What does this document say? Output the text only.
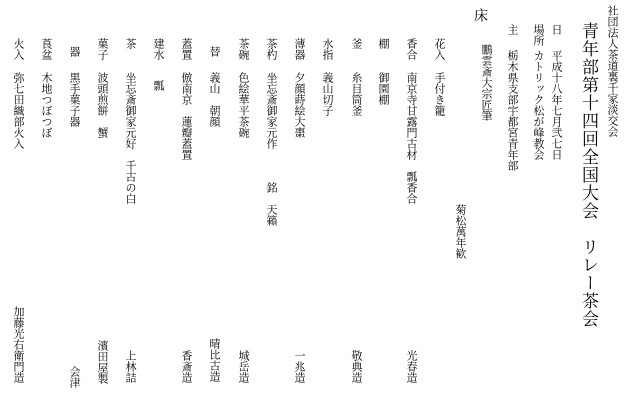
社団法人茶道裏千家淡交会
青年部第十四回全国大会　リレー茶会
日
平成十八年七月弐七日
場所
カトリック松が峰教会
主
栃木県支部宇都宮青年部
床
鵬雲斎大宗匠筆
菊松萬年歓
花入
手付き籠
香合
南京寺甘露門古材　瓢香合
光春造
棚
御園棚
釜
糸目筒釜
敬典造
水指
義山切子
薄器
夕顔蒔絵大棗
一兆造
茶杓
坐忘斎御家元作　　　銘　天籟
茶碗
色絵華平茶碗
城岳造
替
義山　朝顔
晴比古造
蓋置
倣南京　蓮瓣蓋置
香斎造
建水
瓢
茶
坐忘斎御家元好　千古の白
上林詰
菓子
波頭煎餅　蟹
濱田屋製
器
黒手菓子器
会津
莨盆
木地つぼつぼ
火入
弥七田織部火入
加藤光右衛門造
